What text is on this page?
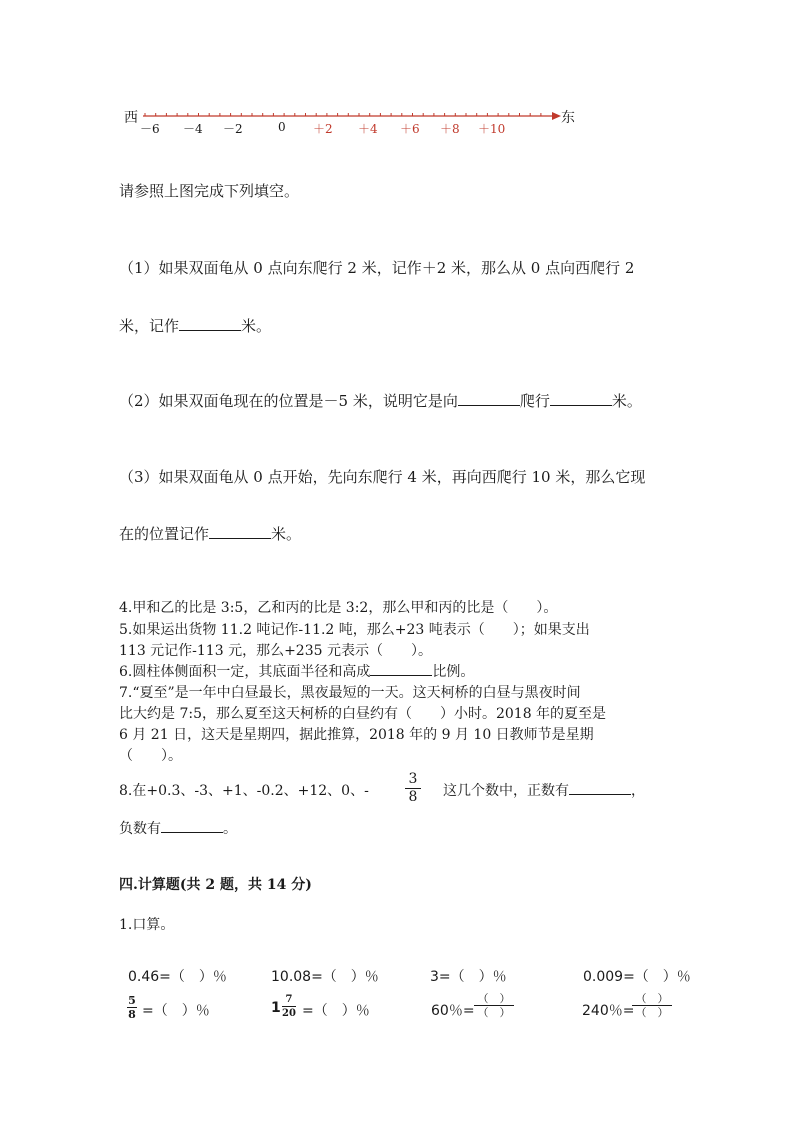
西	东
－6 －4 －2	0 ＋2 ＋4 ＋6 ＋8 ＋10
请参照上图完成下列填空。
（1）如果双面龟从 0 点向东爬行 2 米，记作＋2 米，那么从 0 点向西爬行 2
米，记作	米。
（2）如果双面龟现在的位置是－5 米，说明它是向	爬行	米。
（3）如果双面龟从 0 点开始，先向东爬行 4 米，再向西爬行 10 米，那么它现
在的位置记作	米。
4.甲和乙的比是 3:5，乙和丙的比是 3:2，那么甲和丙的比是（　　）。
5.如果运出货物 11.2 吨记作-11.2 吨，那么+23 吨表示（　　）；如果支出
113 元记作-113 元，那么+235 元表示（　　）。
6.圆柱体侧面积一定，其底面半径和高成	比例。
7.“夏至”是一年中白昼最长，黑夜最短的一天。这天柯桥的白昼与黑夜时间
比大约是 7:5，那么夏至这天柯桥的白昼约有（　　）小时。2018 年的夏至是
6 月 21 日，这天是星期四，据此推算，2018 年的 9 月 10 日教师节是星期
（　　）。
8.在+0.3、-3、+1、-0.2、+12、0、-
3
8 这几个数中，正数有	，
负数有	。
四.计算题(共 2 题，共 14 分)
1.口算。
0.46=（　）％	10.08=（　）％	3=（　）％	0.009=（　）％
5
8 =（　）％	1
7
20 =（　）％	60％=
（　）
（　）	240％=
（　）
（　）
